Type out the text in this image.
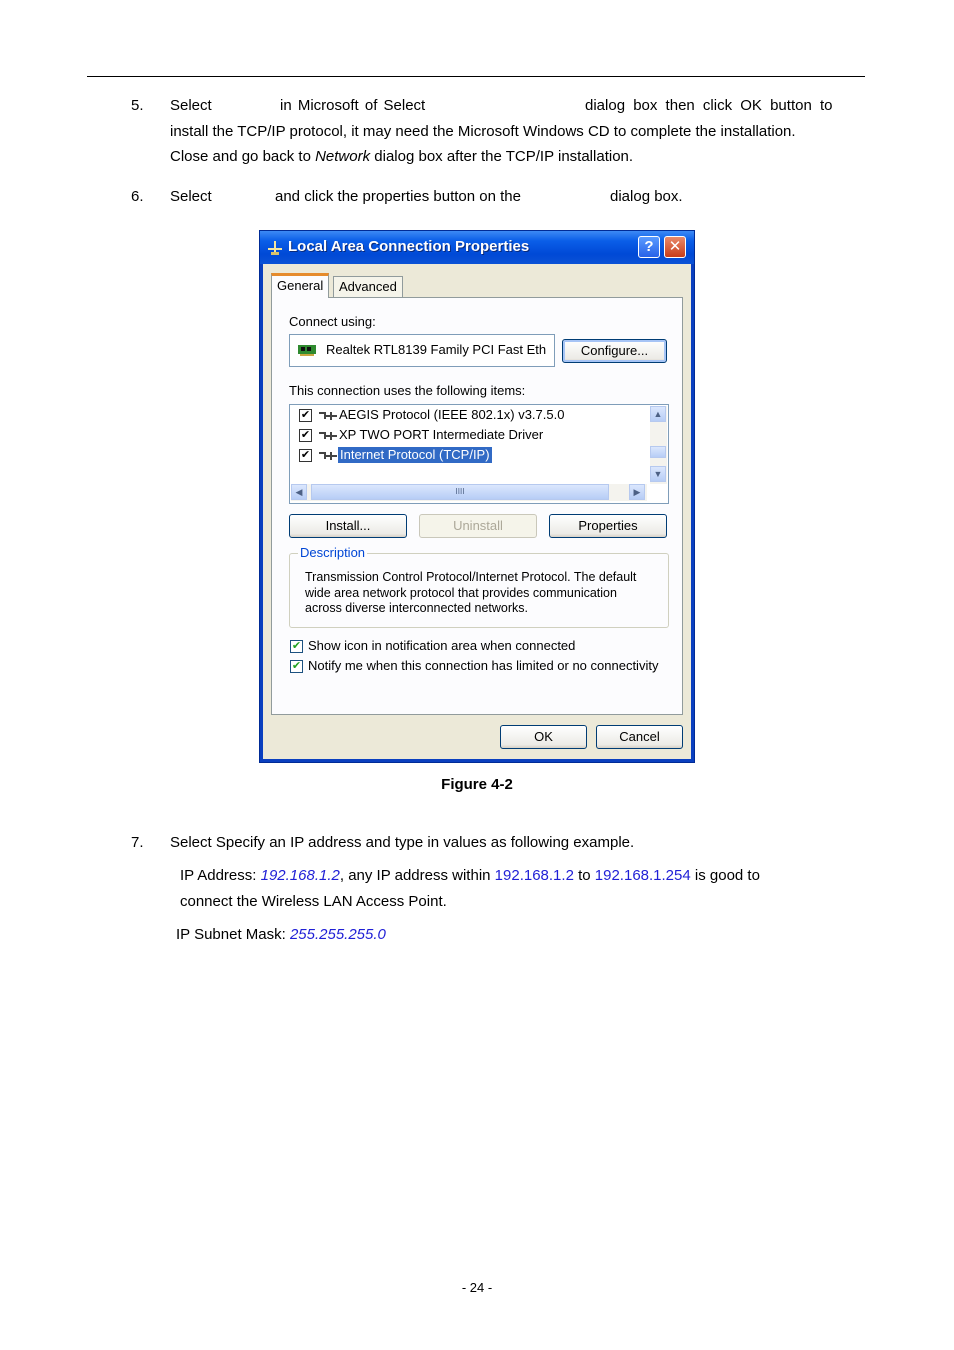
5. Select	in Microsoft of Select	dialog box then click OK button to
install the TCP/IP protocol, it may need the Microsoft Windows CD to complete the installation.
Close and go back to Network dialog box after the TCP/IP installation.
6. Select	and click the properties button on the	dialog box.
Local Area Connection Properties	?	✕
General	Advanced
Connect using:
Realtek RTL8139 Family PCI Fast Eth	Configure...
This connection uses the following items:
✔ AEGIS Protocol (IEEE 802.1x) v3.7.5.0
✔ XP TWO PORT Intermediate Driver
✔ Internet Protocol (TCP/IP)
▲
▼
◀	IIII	▶
Install...	Uninstall	Properties
Description
Transmission Control Protocol/Internet Protocol. The default
wide area network protocol that provides communication
across diverse interconnected networks.
✔ Show icon in notification area when connected
✔ Notify me when this connection has limited or no connectivity
OK	Cancel
Figure 4-2
7. Select Specify an IP address and type in values as following example.
IP Address: 192.168.1.2, any IP address within 192.168.1.2 to 192.168.1.254 is good to
connect the Wireless LAN Access Point.
IP Subnet Mask: 255.255.255.0
- 24 -
